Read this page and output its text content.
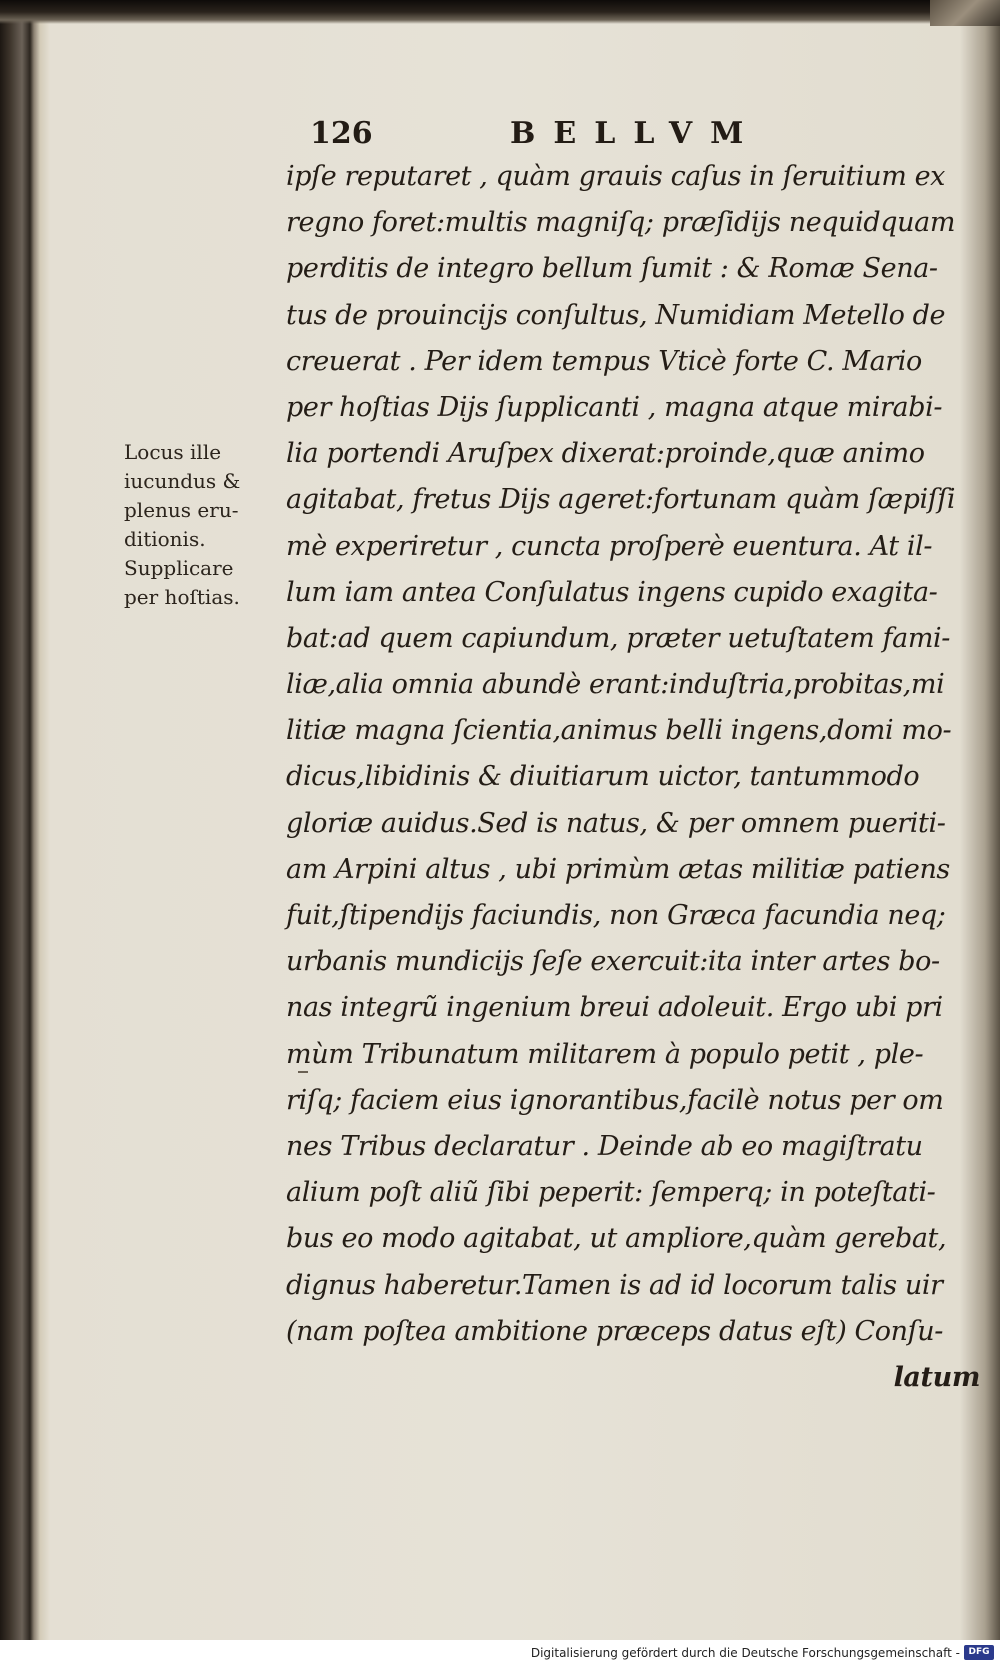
126	BELLVM
Locus ille
iucundus &
plenus eru-
ditionis.
Supplicare
per hoſtias.
ipſe reputaret , quàm grauis caſus in ſeruitium ex
regno foret:multis magniſq; præſidijs nequidquam
perditis de integro bellum ſumit : & Romæ Sena-
tus de prouincijs conſultus, Numidiam Metello de
creuerat . Per idem tempus Vticè forte C. Mario
per hoſtias Dijs ſupplicanti , magna atque mirabi-
lia portendi Aruſpex dixerat:proinde,quæ animo
agitabat, fretus Dijs ageret:fortunam quàm ſæpiſſi
mè experiretur , cuncta proſperè euentura. At il-
lum iam antea Conſulatus ingens cupido exagita-
bat:ad quem capiundum, præter uetuſtatem fami-
liæ,alia omnia abundè erant:induſtria,probitas,mi
litiæ magna ſcientia,animus belli ingens,domi mo-
dicus,libidinis & diuitiarum uictor, tantummodo
gloriæ auidus.Sed is natus, & per omnem pueriti-
am Arpini altus , ubi primùm ætas militiæ patiens
fuit,ſtipendijs faciundis, non Græca facundia neq;
urbanis mundicijs ſeſe exercuit:ita inter artes bo-
nas integrũ ingenium breui adoleuit. Ergo ubi pri
mùm Tribunatum militarem à populo petit , ple-
riſq; faciem eius ignorantibus,facilè notus per om
nes Tribus declaratur . Deinde ab eo magiſtratu
alium poſt aliũ ſibi peperit: ſemperq; in poteſtati-
bus eo modo agitabat, ut ampliore,quàm gerebat,
dignus haberetur.Tamen is ad id locorum talis uir
(nam poſtea ambitione præceps datus eſt) Conſu-
latum
Digitalisierung gefördert durch die Deutsche Forschungsgemeinschaft - DFG
